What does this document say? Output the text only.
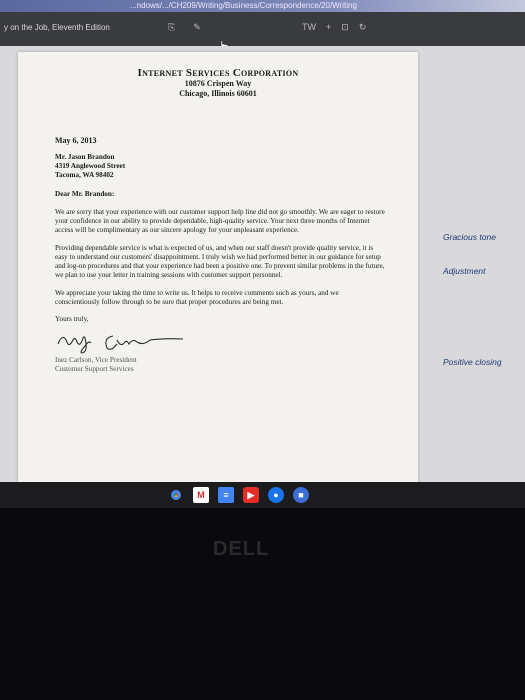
...ndows/.../CH209/Writing/Business/Correspondence/20/Writing
y on the Job, Eleventh Edition	⎘ ✎	TW + ⊡ ↻
Internet Services Corporation
10876 Crispen Way
Chicago, Illinois 60601
May 6, 2013
Mr. Jason Brandon
4319 Anglewood Street
Tacoma, WA 98402
Dear Mr. Brandon:

We are sorry that your experience with our customer support help line did not go smoothly. We are eager to restore your confidence in our ability to provide dependable, high-quality service. Your next three months of Internet access will be complimentary as our sincere apology for your unpleasant experience.

Providing dependable service is what is expected of us, and when our staff doesn't provide quality service, it is easy to understand our customers' disappointment. I truly wish we had performed better in our guidance for setup and log-on procedures and that your experience had been a positive one. To prevent similar problems in the future, we plan to use your letter in training sessions with customer support personnel.

We appreciate your taking the time to write us. It helps to receive comments such as yours, and we conscientiously follow through to be sure that proper procedures are being met.

Yours truly,
Inez Carlson, Vice President
Customer Support Services
Gracious tone
Adjustment
Positive closing
M	≡	▶	●	■
DELL
